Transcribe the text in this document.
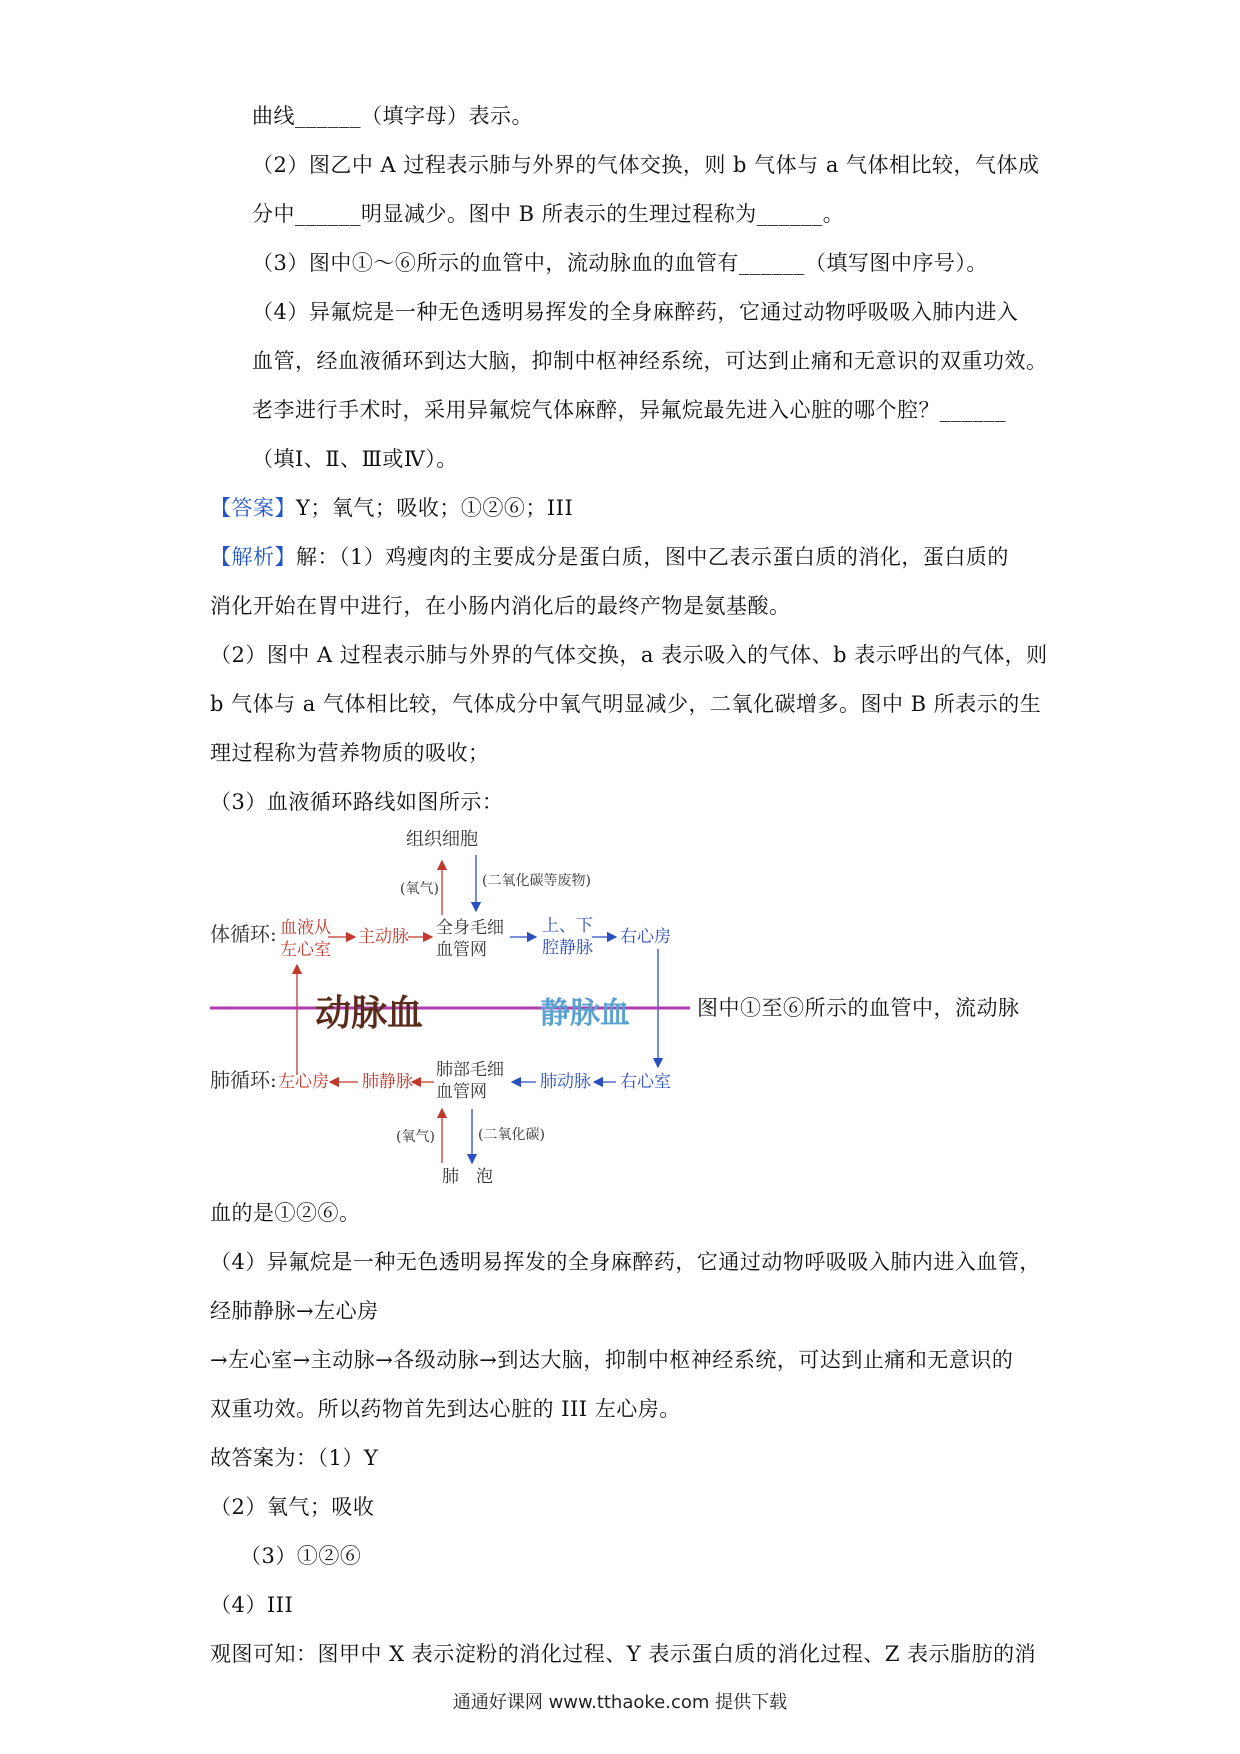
曲线______（填字母）表示。
（2）图乙中 A 过程表示肺与外界的气体交换，则 b 气体与 a 气体相比较，气体成
分中______明显减少。图中 B 所表示的生理过程称为______。
（3）图中①～⑥所示的血管中，流动脉血的血管有______（填写图中序号）。
（4）异氟烷是一种无色透明易挥发的全身麻醉药，它通过动物呼吸吸入肺内进入
血管，经血液循环到达大脑，抑制中枢神经系统，可达到止痛和无意识的双重功效。
老李进行手术时，采用异氟烷气体麻醉，异氟烷最先进入心脏的哪个腔？______
（填Ⅰ、Ⅱ、Ⅲ或Ⅳ）。
【答案】Y；氧气；吸收；①②⑥；III
【解析】解：（1）鸡瘦肉的主要成分是蛋白质，图中乙表示蛋白质的消化，蛋白质的
消化开始在胃中进行，在小肠内消化后的最终产物是氨基酸。
（2）图中 A 过程表示肺与外界的气体交换，a 表示吸入的气体、b 表示呼出的气体，则
b 气体与 a 气体相比较，气体成分中氧气明显减少，二氧化碳增多。图中 B 所表示的生
理过程称为营养物质的吸收；
（3）血液循环路线如图所示：
组织细胞
(氧气)	(二氧化碳等废物)
体循环: 血液从
左心室
主动脉 全身毛细
血管网
上、下
腔静脉
右心房
动脉血	静脉血
肺循环: 左心房 肺静脉
肺部毛细
血管网	肺动脉 右心室
(氧气)	(二氧化碳)
肺　泡
图中①至⑥所示的血管中，流动脉
血的是①②⑥。
（4）异氟烷是一种无色透明易挥发的全身麻醉药，它通过动物呼吸吸入肺内进入血管，
经肺静脉→左心房
→左心室→主动脉→各级动脉→到达大脑，抑制中枢神经系统，可达到止痛和无意识的
双重功效。所以药物首先到达心脏的 III 左心房。
故答案为：（1）Y
（2）氧气；吸收
（3）①②⑥
（4）III
观图可知：图甲中 X 表示淀粉的消化过程、Y 表示蛋白质的消化过程、Z 表示脂肪的消
通通好课网 www.tthaoke.com 提供下载
